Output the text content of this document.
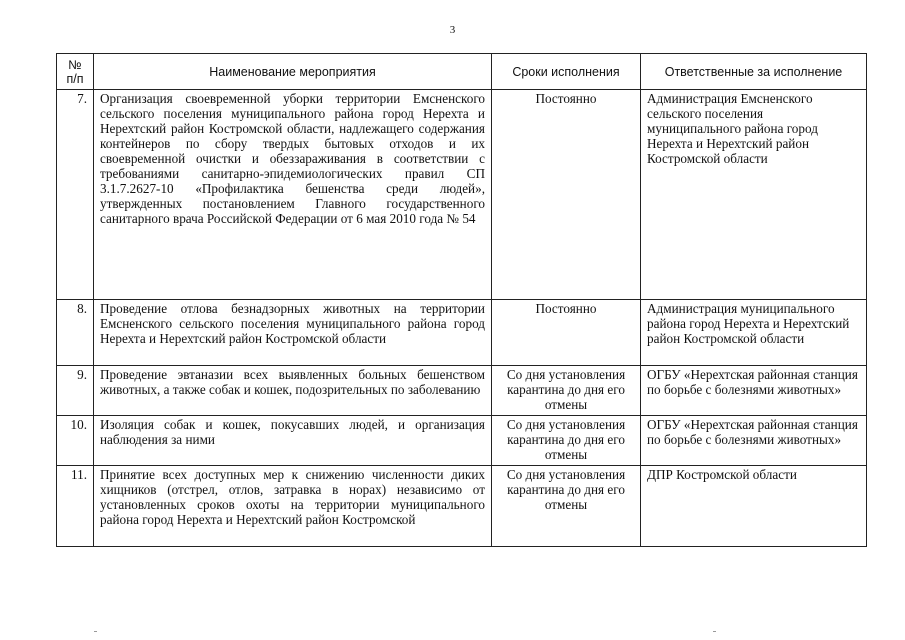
3
№
п/п	Наименование мероприятия	Сроки исполнения	Ответственные за исполнение
7.	Организация своевременной уборки территории Емсненского сельского поселения муниципального района город Нерехта и Нерехтский район Костромской области, надлежащего содержания контейнеров по сбору твердых бытовых отходов и их своевременной очистки и обеззараживания в соответствии с требованиями санитарно-эпидемиологических правил СП 3.1.7.2627-10 «Профилактика бешенства среди людей», утвержденных постановлением Главного государственного санитарного врача Российской Федерации от 6 мая 2010 года № 54	Постоянно	Администрация Емсненского сельского поселения муниципального района город Нерехта и Нерехтский район Костромской области
8.	Проведение отлова безнадзорных животных на территории Емсненского сельского поселения муниципального района город Нерехта и Нерехтский район Костромской области	Постоянно	Администрация муниципального района город Нерехта и Нерехтский район Костромской области
9.	Проведение эвтаназии всех выявленных больных бешенством животных, а также собак и кошек, подозрительных по заболеванию	Со дня установления карантина до дня его отмены	ОГБУ «Нерехтская районная станция по борьбе с болезнями животных»
10.	Изоляция собак и кошек, покусавших людей, и организация наблюдения за ними	Со дня установления карантина до дня его отмены	ОГБУ «Нерехтская районная станция по борьбе с болезнями животных»
11.	Принятие всех доступных мер к снижению численности диких хищников (отстрел, отлов, затравка в норах) независимо от установленных сроков охоты на территории муниципального района город Нерехта и Нерехтский район Костромской	Со дня установления карантина до дня его отмены	ДПР Костромской области
